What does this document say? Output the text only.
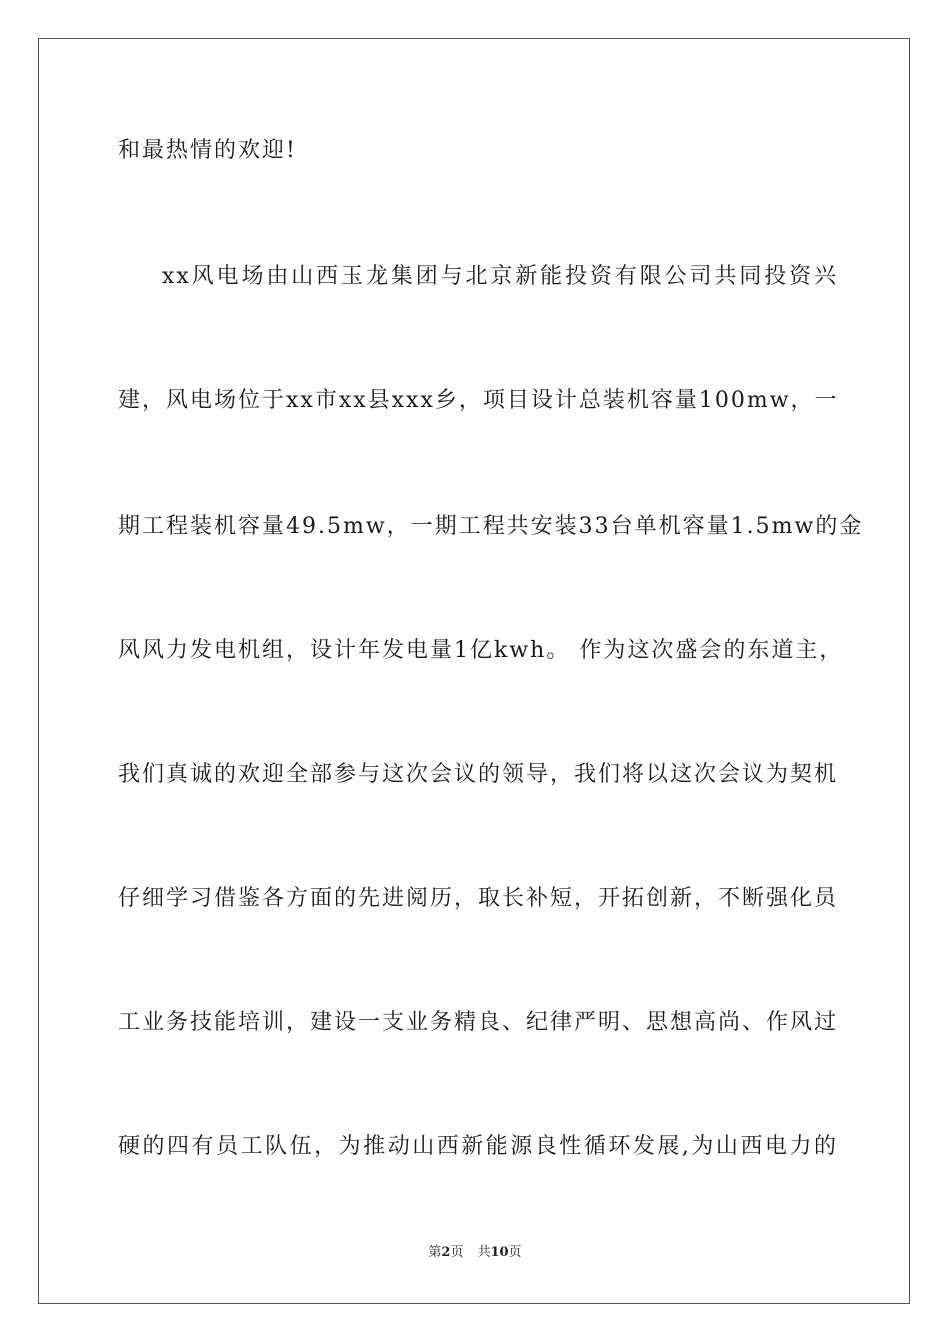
和最热情的欢迎!
xx风电场由山西玉龙集团与北京新能投资有限公司共同投资兴
建，风电场位于xx市xx县xxx乡，项目设计总装机容量100mw，一
期工程装机容量49.5mw，一期工程共安装33台单机容量1.5mw的金
风风力发电机组，设计年发电量1亿kwh。 作为这次盛会的东道主，
我们真诚的欢迎全部参与这次会议的领导，我们将以这次会议为契机
仔细学习借鉴各方面的先进阅历，取长补短，开拓创新，不断强化员
工业务技能培训，建设一支业务精良、纪律严明、思想高尚、作风过
硬的四有员工队伍，为推动山西新能源良性循环发展,为山西电力的
第2页 共10页
